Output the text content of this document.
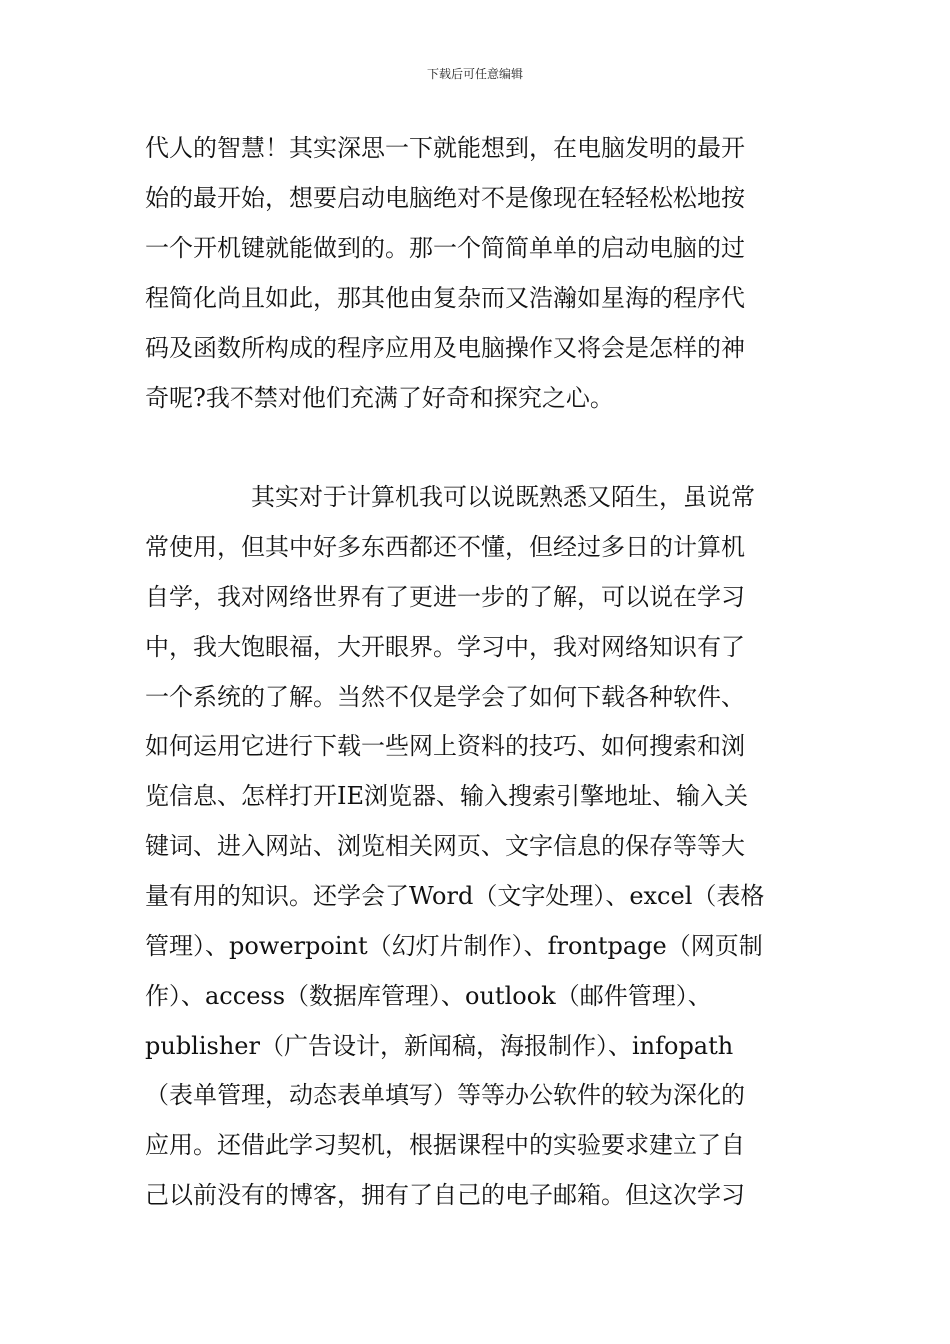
下载后可任意编辑
代人的智慧！其实深思一下就能想到，在电脑发明的最开
始的最开始，想要启动电脑绝对不是像现在轻轻松松地按
一个开机键就能做到的。那一个简简单单的启动电脑的过
程简化尚且如此，那其他由复杂而又浩瀚如星海的程序代
码及函数所构成的程序应用及电脑操作又将会是怎样的神
奇呢?我不禁对他们充满了好奇和探究之心。
其实对于计算机我可以说既熟悉又陌生，虽说常
常使用，但其中好多东西都还不懂，但经过多日的计算机
自学，我对网络世界有了更进一步的了解，可以说在学习
中，我大饱眼福，大开眼界。学习中，我对网络知识有了
一个系统的了解。当然不仅是学会了如何下载各种软件、
如何运用它进行下载一些网上资料的技巧、如何搜索和浏
览信息、怎样打开IE浏览器、输入搜索引擎地址、输入关
键词、进入网站、浏览相关网页、文字信息的保存等等大
量有用的知识。还学会了Word（文字处理）、excel（表格
管理）、powerpoint（幻灯片制作）、frontpage（网页制
作）、access（数据库管理）、outlook（邮件管理）、
publisher（广告设计，新闻稿，海报制作）、infopath
（表单管理，动态表单填写）等等办公软件的较为深化的
应用。还借此学习契机，根据课程中的实验要求建立了自
己以前没有的博客，拥有了自己的电子邮箱。但这次学习
